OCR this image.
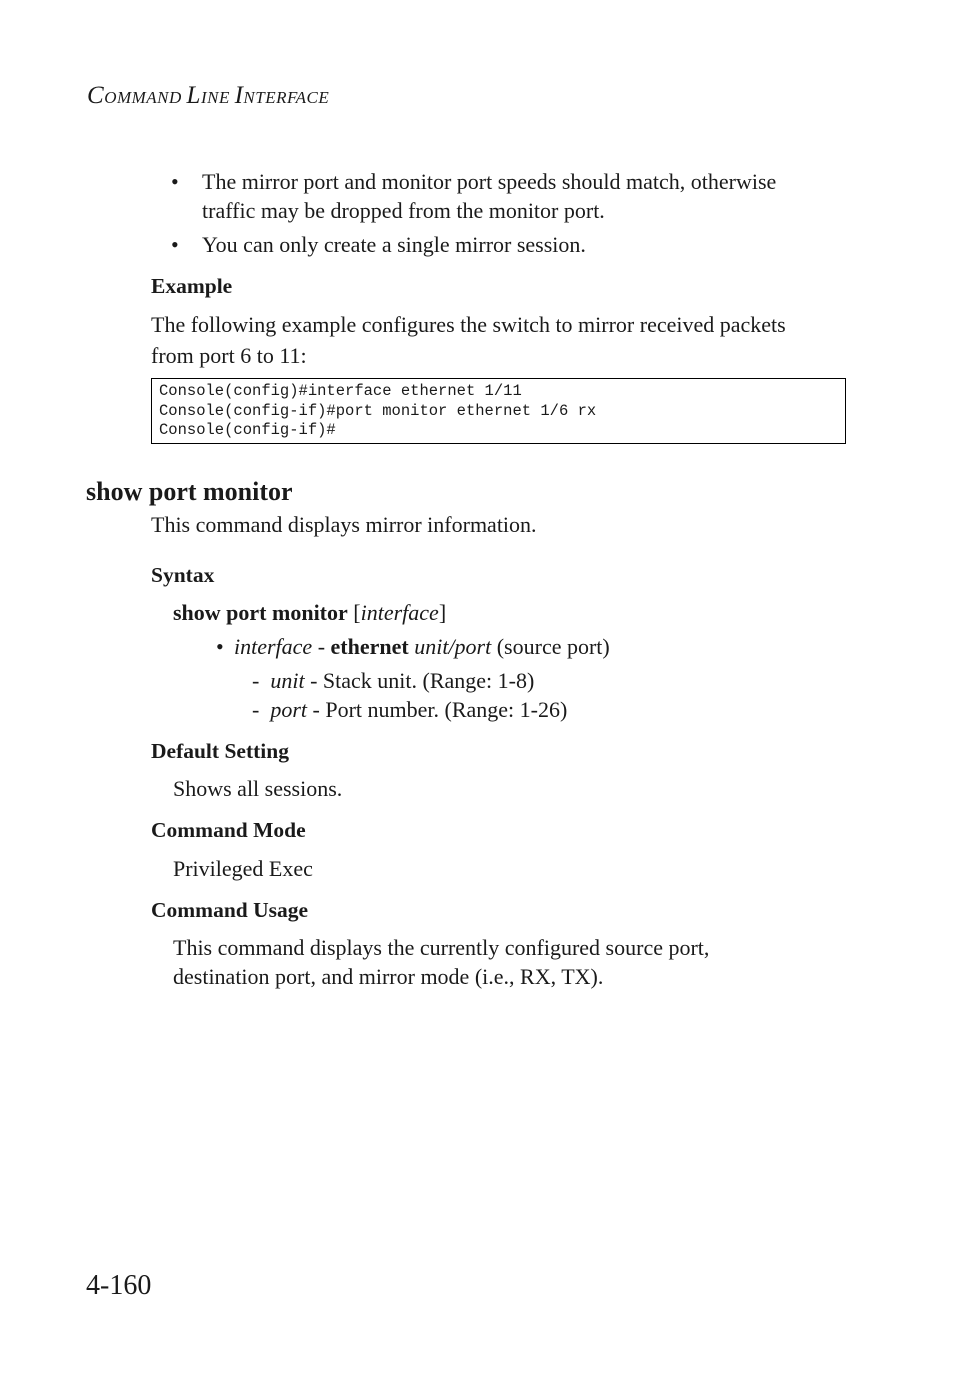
COMMAND LINE INTERFACE
• The mirror port and monitor port speeds should match, otherwise
traffic may be dropped from the monitor port.
• You can only create a single mirror session.
Example
The following example configures the switch to mirror received packets
from port 6 to 11:
Console(config)#interface ethernet 1/11
Console(config-if)#port monitor ethernet 1/6 rx
Console(config-if)#
show port monitor
This command displays mirror information.
Syntax
show port monitor [interface]
• interface - ethernet unit/port (source port)
- unit - Stack unit. (Range: 1-8)
- port - Port number. (Range: 1-26)
Default Setting
Shows all sessions.
Command Mode
Privileged Exec
Command Usage
This command displays the currently configured source port,
destination port, and mirror mode (i.e., RX, TX).
4-160
